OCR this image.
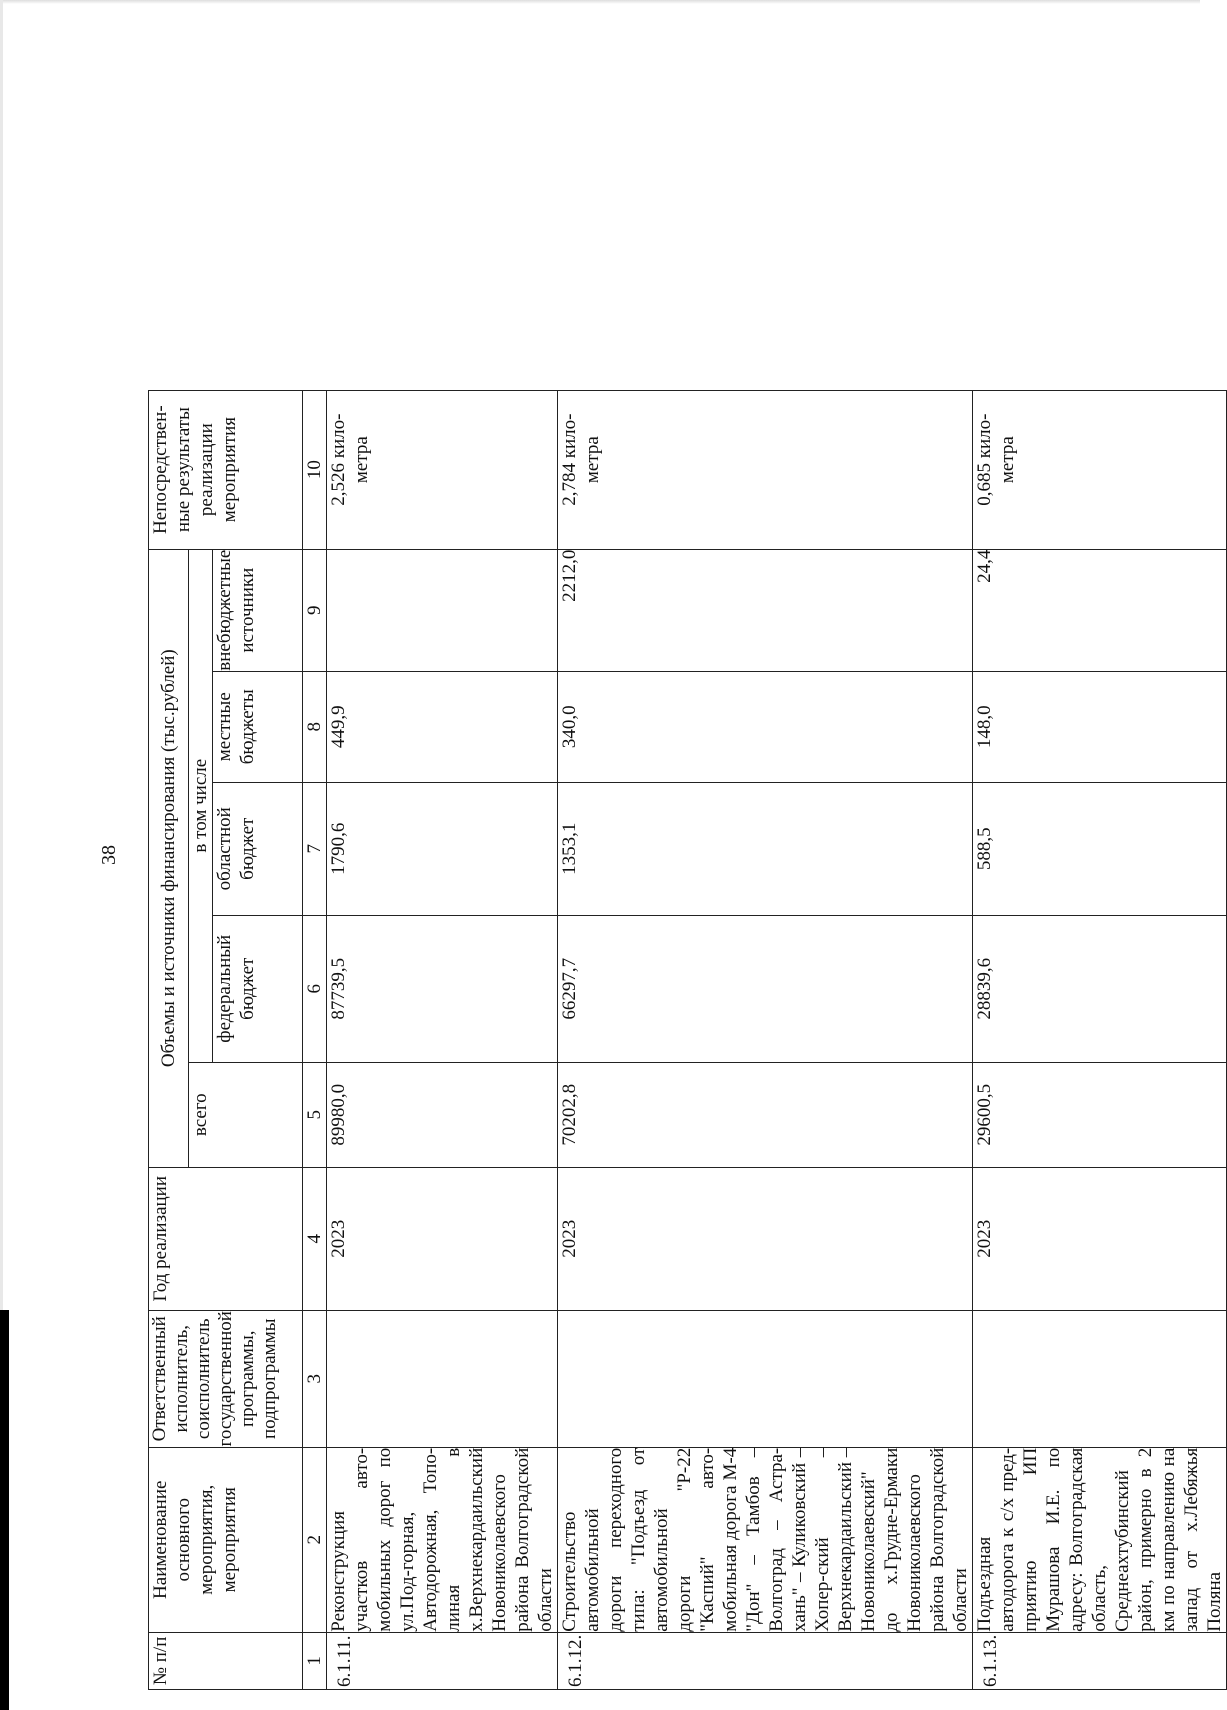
38
№ п/п	Наименование основного мероприятия, мероприятия	Ответственный исполнитель, соисполнитель государственной программы, подпрограммы	Год реализации	Объемы и источники финансирования (тыс.рублей)					Непосредствен-ные результаты реализации мероприятия
				всего	в том числе				
					федеральный бюджет	областной бюджет	местные бюджеты	внебюджетные источники	
1	2	3	4	5	6	7	8	9	10
6.1.11.	Реконструкция участков авто-мобильных дорог по ул.Под-горная, Автодорожная, Топо-линая в х.Верхнекардаильский Новониколаевского района Волгоградской области		2023	89980,0	87739,5	1790,6	449,9		2,526 кило-метра
6.1.12.	Строительство автомобильной дороги переходного типа: "Подъезд от автомобильной дороги "Р-22 "Каспий" авто-мобильная дорога М-4 "Дон" – Тамбов – Волгоград – Астра-хань" – Куликовский – Хопер-ский – Верхнекардаильский – Новониколаевский" до х.Грудне-Ермаки Новониколаевского района Волгоградской области		2023	70202,8	66297,7	1353,1	340,0	2212,0	2,784 кило-метра
6.1.13.	Подъездная автодорога к с/х пред-приятию ИП Мурашова И.Е. по адресу: Волгоградская область, Среднеахтубинский район, примерно в 2 км по направлению на запад от х.Лебяжья Поляна		2023	29600,5	28839,6	588,5	148,0	24,4	0,685 кило-метра
